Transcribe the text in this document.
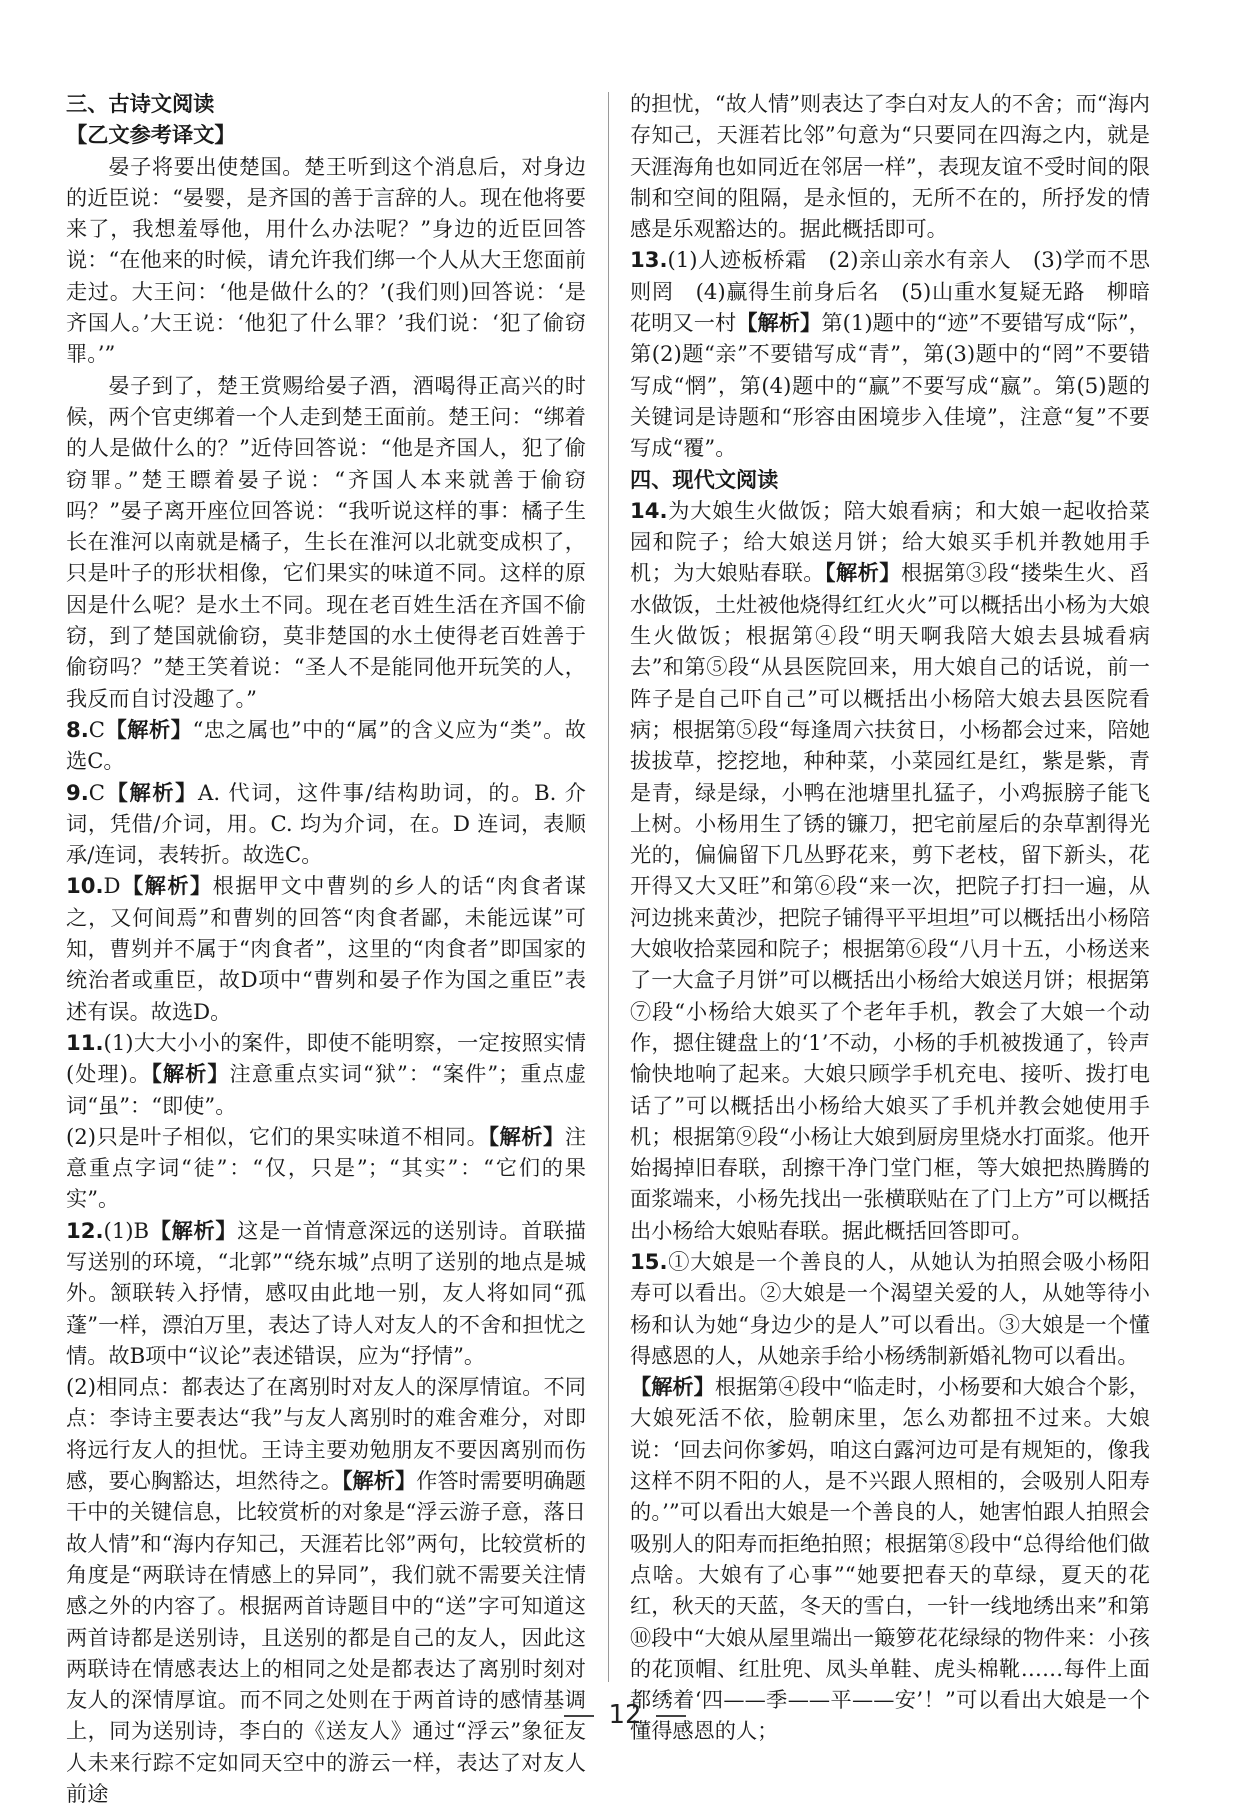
三、古诗文阅读

【乙文参考译文】

晏子将要出使楚国。楚王听到这个消息后，对身边的近臣说：“晏婴，是齐国的善于言辞的人。现在他将要来了，我想羞辱他，用什么办法呢？”身边的近臣回答说：“在他来的时候，请允许我们绑一个人从大王您面前走过。大王问：‘他是做什么的？’(我们则)回答说：‘是齐国人。’大王说：‘他犯了什么罪？’我们说：‘犯了偷窃罪。’”

晏子到了，楚王赏赐给晏子酒，酒喝得正高兴的时候，两个官吏绑着一个人走到楚王面前。楚王问：“绑着的人是做什么的？”近侍回答说：“他是齐国人，犯了偷窃罪。”楚王瞟着晏子说：“齐国人本来就善于偷窃吗？”晏子离开座位回答说：“我听说这样的事：橘子生长在淮河以南就是橘子，生长在淮河以北就变成枳了，只是叶子的形状相像，它们果实的味道不同。这样的原因是什么呢？是水土不同。现在老百姓生活在齐国不偷窃，到了楚国就偷窃，莫非楚国的水土使得老百姓善于偷窃吗？”楚王笑着说：“圣人不是能同他开玩笑的人，我反而自讨没趣了。”

8.C【解析】“忠之属也”中的“属”的含义应为“类”。故选C。

9.C【解析】A. 代词，这件事/结构助词，的。B. 介词，凭借/介词，用。C. 均为介词，在。D 连词，表顺承/连词，表转折。故选C。

10.D【解析】根据甲文中曹刿的乡人的话“肉食者谋之，又何间焉”和曹刿的回答“肉食者鄙，未能远谋”可知，曹刿并不属于“肉食者”，这里的“肉食者”即国家的统治者或重臣，故D项中“曹刿和晏子作为国之重臣”表述有误。故选D。

11.(1)大大小小的案件，即使不能明察，一定按照实情(处理)。【解析】注意重点实词“狱”：“案件”；重点虚词“虽”：“即使”。

(2)只是叶子相似，它们的果实味道不相同。【解析】注意重点字词“徒”：“仅，只是”；“其实”：“它们的果实”。

12.(1)B【解析】这是一首情意深远的送别诗。首联描写送别的环境，“北郭”“绕东城”点明了送别的地点是城外。颔联转入抒情，感叹由此地一别，友人将如同“孤蓬”一样，漂泊万里，表达了诗人对友人的不舍和担忧之情。故B项中“议论”表述错误，应为“抒情”。

(2)相同点：都表达了在离别时对友人的深厚情谊。不同点：李诗主要表达“我”与友人离别时的难舍难分，对即将远行友人的担忧。王诗主要劝勉朋友不要因离别而伤感，要心胸豁达，坦然待之。【解析】作答时需要明确题干中的关键信息，比较赏析的对象是“浮云游子意，落日故人情”和“海内存知己，天涯若比邻”两句，比较赏析的角度是“两联诗在情感上的异同”，我们就不需要关注情感之外的内容了。根据两首诗题目中的“送”字可知道这两首诗都是送别诗，且送别的都是自己的友人，因此这两联诗在情感表达上的相同之处是都表达了离别时刻对友人的深情厚谊。而不同之处则在于两首诗的感情基调上，同为送别诗，李白的《送友人》通过“浮云”象征友人未来行踪不定如同天空中的游云一样，表达了对友人前途

的担忧，“故人情”则表达了李白对友人的不舍；而“海内存知己，天涯若比邻”句意为“只要同在四海之内，就是天涯海角也如同近在邻居一样”，表现友谊不受时间的限制和空间的阻隔，是永恒的，无所不在的，所抒发的情感是乐观豁达的。据此概括即可。

13.(1)人迹板桥霜　(2)亲山亲水有亲人　(3)学而不思则罔　(4)赢得生前身后名　(5)山重水复疑无路　柳暗花明又一村【解析】第(1)题中的“迹”不要错写成“际”，第(2)题“亲”不要错写成“青”，第(3)题中的“罔”不要错写成“惘”，第(4)题中的“赢”不要写成“嬴”。第(5)题的关键词是诗题和“形容由困境步入佳境”，注意“复”不要写成“覆”。

四、现代文阅读

14.为大娘生火做饭；陪大娘看病；和大娘一起收拾菜园和院子；给大娘送月饼；给大娘买手机并教她用手机；为大娘贴春联。【解析】根据第③段“搂柴生火、舀水做饭，土灶被他烧得红红火火”可以概括出小杨为大娘生火做饭；根据第④段“明天啊我陪大娘去县城看病去”和第⑤段“从县医院回来，用大娘自己的话说，前一阵子是自己吓自己”可以概括出小杨陪大娘去县医院看病；根据第⑤段“每逢周六扶贫日，小杨都会过来，陪她拔拔草，挖挖地，种种菜，小菜园红是红，紫是紫，青是青，绿是绿，小鸭在池塘里扎猛子，小鸡振膀子能飞上树。小杨用生了锈的镰刀，把宅前屋后的杂草割得光光的，偏偏留下几丛野花来，剪下老枝，留下新头，花开得又大又旺”和第⑥段“来一次，把院子打扫一遍，从河边挑来黄沙，把院子铺得平平坦坦”可以概括出小杨陪大娘收拾菜园和院子；根据第⑥段“八月十五，小杨送来了一大盒子月饼”可以概括出小杨给大娘送月饼；根据第⑦段“小杨给大娘买了个老年手机，教会了大娘一个动作，摁住键盘上的‘1’不动，小杨的手机被拨通了，铃声愉快地响了起来。大娘只顾学手机充电、接听、拨打电话了”可以概括出小杨给大娘买了手机并教会她使用手机；根据第⑨段“小杨让大娘到厨房里烧水打面浆。他开始揭掉旧春联，刮擦干净门堂门框，等大娘把热腾腾的面浆端来，小杨先找出一张横联贴在了门上方”可以概括出小杨给大娘贴春联。据此概括回答即可。

15.①大娘是一个善良的人，从她认为拍照会吸小杨阳寿可以看出。②大娘是一个渴望关爱的人，从她等待小杨和认为她“身边少的是人”可以看出。③大娘是一个懂得感恩的人，从她亲手给小杨绣制新婚礼物可以看出。

【解析】根据第④段中“临走时，小杨要和大娘合个影，大娘死活不依，脸朝床里，怎么劝都扭不过来。大娘说：‘回去问你爹妈，咱这白露河边可是有规矩的，像我这样不阴不阳的人，是不兴跟人照相的，会吸别人阳寿的。’”可以看出大娘是一个善良的人，她害怕跟人拍照会吸别人的阳寿而拒绝拍照；根据第⑧段中“总得给他们做点啥。大娘有了心事”“她要把春天的草绿，夏天的花红，秋天的天蓝，冬天的雪白，一针一线地绣出来”和第⑩段中“大娘从屋里端出一簸箩花花绿绿的物件来：小孩的花顶帽、红肚兜、凤头单鞋、虎头棉靴……每件上面都绣着‘四——季——平——安’！”可以看出大娘是一个懂得感恩的人；

12
